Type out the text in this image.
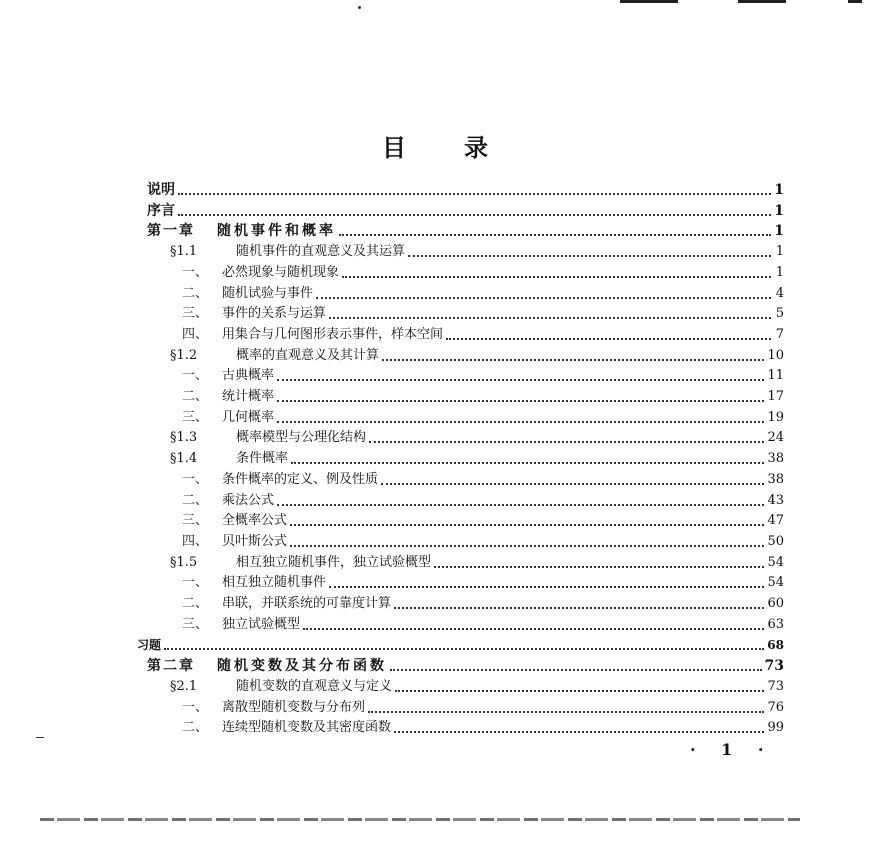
目录
说明	1
序言	1
第一章 随机事件和概率	1
§1.1	随机事件的直观意义及其运算	1
一、	必然现象与随机现象	1
二、	随机试验与事件	4
三、	事件的关系与运算	5
四、	用集合与几何图形表示事件，样本空间	7
§1.2	概率的直观意义及其计算	10
一、	古典概率	11
二、	统计概率	17
三、	几何概率	19
§1.3	概率模型与公理化结构	24
§1.4	条件概率	38
一、	条件概率的定义、例及性质	38
二、	乘法公式	43
三、	全概率公式	47
四、	贝叶斯公式	50
§1.5	相互独立随机事件，独立试验概型	54
一、	相互独立随机事件	54
二、	串联，并联系统的可靠度计算	60
三、	独立试验概型	63
习题	68
第二章 随机变数及其分布函数	73
§2.1	随机变数的直观意义与定义	73
一、	离散型随机变数与分布列	76
二、	连续型随机变数及其密度函数	99
· 1 ·
